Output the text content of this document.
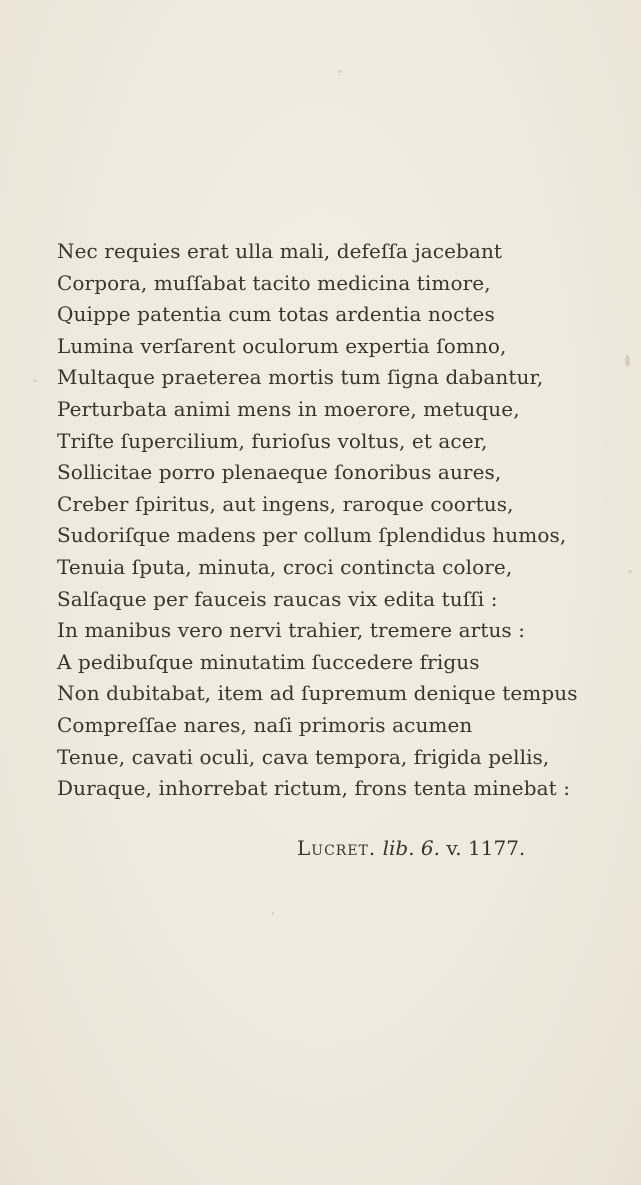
Nec requies erat ulla mali, defeſſa jacebant
Corpora, muſſabat tacito medicina timore,
Quippe patentia cum totas ardentia noctes
Lumina verſarent oculorum expertia ſomno,
Multaque praeterea mortis tum ſigna dabantur,
Perturbata animi mens in moerore, metuque,
Triſte ſupercilium, furioſus voltus, et acer,
Sollicitae porro plenaeque ſonoribus aures,
Creber ſpiritus, aut ingens, raroque coortus,
Sudoriſque madens per collum ſplendidus humos,
Tenuia ſputa, minuta, croci contincta colore,
Salſaque per fauceis raucas vix edita tuſſi :
In manibus vero nervi trahier, tremere artus :
A pedibuſque minutatim ſuccedere frigus
Non dubitabat, item ad ſupremum denique tempus
Compreſſae nares, naſi primoris acumen
Tenue, cavati oculi, cava tempora, frigida pellis,
Duraque, inhorrebat rictum, frons tenta minebat :
Lucret. lib. 6. v. 1177.
